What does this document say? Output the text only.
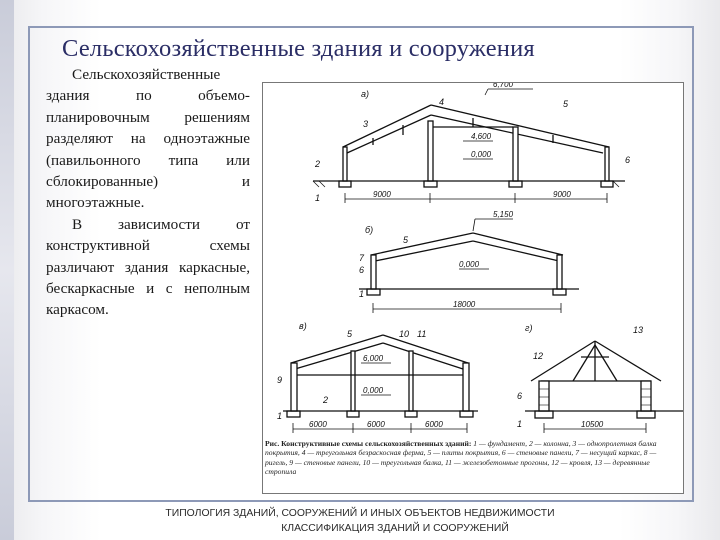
Сельскохозяйственные здания и сооружения

Сельскохозяйственные здания по объемо-планировочным решениям разделяют на одноэтажные (павильонного типа или сблокированные) и многоэтажные.

В зависимости от конструктивной схемы различают здания каркасные, бескаркасные и с неполным каркасом.

а)
6,700
4,600
0,000
9000	9000
4	5
3
2
1
6
б)
5,150
0,000
18000
5
7
6
1
в)
6,000
0,000
6000	6000	6000
5	10 11
9
2
1
г)
10500
13
12
6
1
Рис. Конструктивные схемы сельскохозяйственных зданий: 1 — фундамент, 2 — колонна, 3 — однопролетная балка покрытия, 4 — треугольная безраскосная ферма, 5 — плиты покрытия, 6 — стеновые панели, 7 — несущий каркас, 8 — ригель, 9 — стеновые панели, 10 — треугольная балка, 11 — железобетонные прогоны, 12 — кровля, 13 — деревянные стропила
ТИПОЛОГИЯ ЗДАНИЙ, СООРУЖЕНИЙ И ИНЫХ ОБЪЕКТОВ НЕДВИЖИМОСТИ
КЛАССИФИКАЦИЯ ЗДАНИЙ И СООРУЖЕНИЙ
